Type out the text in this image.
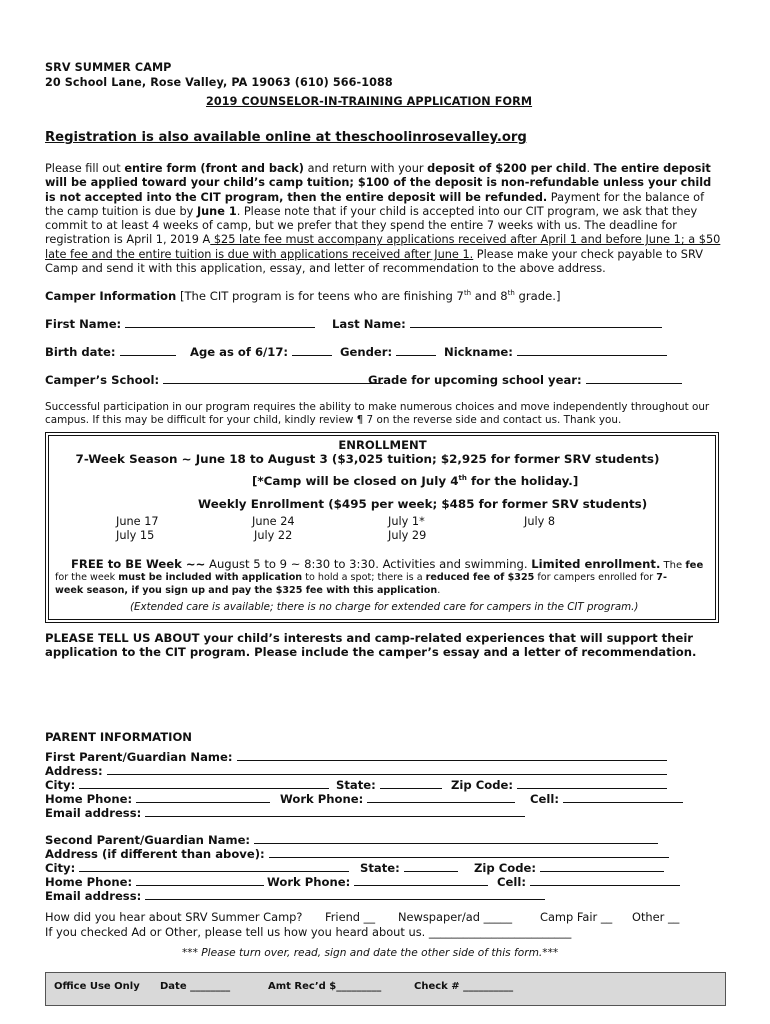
SRV SUMMER CAMP
20 School Lane, Rose Valley, PA 19063 (610) 566-1088
2019 COUNSELOR-IN-TRAINING APPLICATION FORM
Registration is also available online at theschoolinrosevalley.org
Please fill out entire form (front and back) and return with your deposit of $200 per child. The entire deposit will be applied toward your child’s camp tuition; $100 of the deposit is non-refundable unless your child is not accepted into the CIT program, then the entire deposit will be refunded. Payment for the balance of the camp tuition is due by June 1. Please note that if your child is accepted into our CIT program, we ask that they commit to at least 4 weeks of camp, but we prefer that they spend the entire 7 weeks with us. The deadline for registration is April 1, 2019 A $25 late fee must accompany applications received after April 1 and before June 1; a $50 late fee and the entire tuition is due with applications received after June 1. Please make your check payable to SRV Camp and send it with this application, essay, and letter of recommendation to the above address.
Camper Information [The CIT program is for teens who are finishing 7th and 8th grade.]
First Name:	Last Name:
Birth date:	Age as of 6/17:	Gender:	Nickname:
Camper’s School:	Grade for upcoming school year:
Successful participation in our program requires the ability to make numerous choices and move independently throughout our campus. If this may be difficult for your child, kindly review ¶ 7 on the reverse side and contact us. Thank you.
ENROLLMENT
7-Week Season ~ June 18 to August 3 ($3,025 tuition; $2,925 for former SRV students)
[*Camp will be closed on July 4th for the holiday.]
Weekly Enrollment ($495 per week; $485 for former SRV students)
June 17	June 24	July 1*	July 8
July 15	July 22	July 29
FREE to BE Week ~~ August 5 to 9 ~ 8:30 to 3:30. Activities and swimming. Limited enrollment. The fee
for the week must be included with application to hold a spot; there is a reduced fee of $325 for campers enrolled for 7-
week season, if you sign up and pay the $325 fee with this application.
(Extended care is available; there is no charge for extended care for campers in the CIT program.)
PLEASE TELL US ABOUT your child’s interests and camp-related experiences that will support their application to the CIT program. Please include the camper’s essay and a letter of recommendation.
PARENT INFORMATION
First Parent/Guardian Name:
Address:
City:	State:	Zip Code:
Home Phone:	Work Phone:	Cell:
Email address:
Second Parent/Guardian Name:
Address (if different than above):
City:	State:	Zip Code:
Home Phone:	Work Phone:	Cell:
Email address:
How did you hear about SRV Summer Camp? Friend __ Newspaper/ad _____ Camp Fair __ Other __
If you checked Ad or Other, please tell us how you heard about us. _________________________
*** Please turn over, read, sign and date the other side of this form.***
Office Use Only Date ________	Amt Rec’d $_________	Check # __________
